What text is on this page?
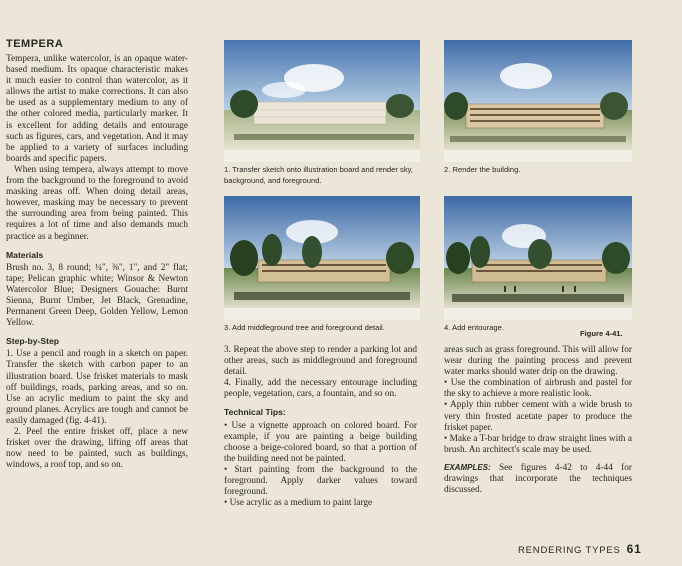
TEMPERA

Tempera, unlike watercolor, is an opaque water-based medium. Its opaque characteristic makes it much easier to control than watercolor, as it allows the artist to make corrections. It can also be used as a supplementary medium to any of the other colored media, particularly marker. It is excellent for adding details and entourage such as figures, cars, and vegetation. And it may be applied to a variety of surfaces including boards and specific papers.

When using tempera, always attempt to move from the background to the foreground to avoid masking areas off. When doing detail areas, however, masking may be necessary to prevent the surrounding area from being painted. This requires a lot of time and also demands much practice as a beginner.

Materials

Brush no. 3, 8 round; ¼", ⅜", 1", and 2" flat; tape; Pelican graphic white; Winsor & Newton Watercolor Blue; Designers Gouache: Burnt Sienna, Burnt Umber, Jet Black, Grenadine, Permanent Green Deep, Golden Yellow, Lemon Yellow.

Step-by-Step

1. Use a pencil and rough in a sketch on paper. Transfer the sketch with carbon paper to an illustration board. Use frisket materials to mask off buildings, roads, parking areas, and so on. Use an acrylic medium to paint the sky and ground planes. Acrylics are tough and cannot be easily damaged (fig. 4-41).

2. Peel the entire frisket off, place a new frisket over the drawing, lifting off areas that now need to be painted, such as buildings, windows, a roof top, and so on.

1. Transfer sketch onto illustration board and render sky, background, and foreground.
2. Render the building.
3. Add middleground tree and foreground detail.	4. Add entourage.
Figure 4-41.

3. Repeat the above step to render a parking lot and other areas, such as middleground and foreground detail.

4. Finally, add the necessary entourage including people, vegetation, cars, a fountain, and so on.

Technical Tips:

• Use a vignette approach on colored board. For example, if you are painting a beige building choose a beige-colored board, so that a portion of the building need not be painted.

• Start painting from the background to the foreground. Apply darker values toward foreground.

• Use acrylic as a medium to paint large

areas such as grass foreground. This will allow for wear during the painting process and prevent water marks should water drip on the drawing.

• Use the combination of airbrush and pastel for the sky to achieve a more realistic look.

• Apply thin rubber cement with a wide brush to very thin frosted acetate paper to produce the frisket paper.

• Make a T-bar bridge to draw straight lines with a brush. An architect's scale may be used.

EXAMPLES: See figures 4-42 to 4-44 for drawings that incorporate the techniques discussed.

RENDERING TYPES 61
